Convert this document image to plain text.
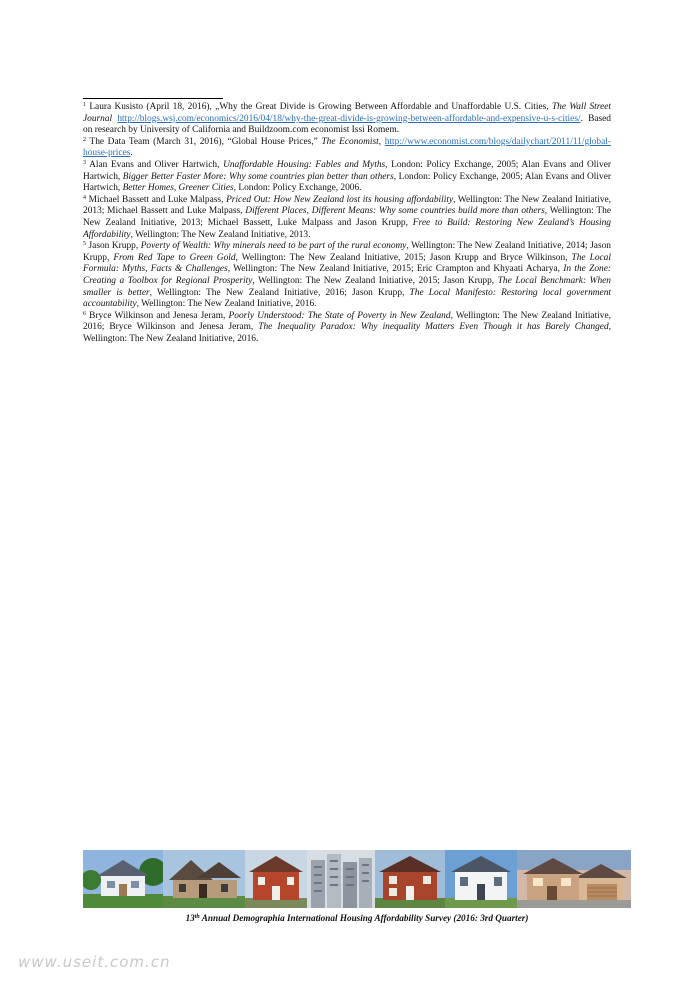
$^1$ Laura Kusisto (April 18, 2016), „Why the Great Divide is Growing Between Affordable and Unaffordable U.S. Cities, The Wall Street Journal http://blogs.wsj.com/economics/2016/04/18/why-the-great-divide-is-growing-between-affordable-and-expensive-u-s-cities/. Based on research by University of California and Buildzoom.com economist Issi Romem.

$^2$ The Data Team (March 31, 2016), “Global House Prices,” The Economist, http://www.economist.com/blogs/dailychart/2011/11/global-house-prices.

$^3$ Alan Evans and Oliver Hartwich, Unaffordable Housing: Fables and Myths, London: Policy Exchange, 2005; Alan Evans and Oliver Hartwich, Bigger Better Faster More: Why some countries plan better than others, London: Policy Exchange, 2005; Alan Evans and Oliver Hartwich, Better Homes, Greener Cities, London: Policy Exchange, 2006.

$^4$ Michael Bassett and Luke Malpass, Priced Out: How New Zealand lost its housing affordability, Wellington: The New Zealand Initiative, 2013; Michael Bassett and Luke Malpass, Different Places, Different Means: Why some countries build more than others, Wellington: The New Zealand Initiative, 2013; Michael Bassett, Luke Malpass and Jason Krupp, Free to Build: Restoring New Zealand’s Housing Affordability, Wellington: The New Zealand Initiative, 2013.

$^5$ Jason Krupp, Poverty of Wealth: Why minerals need to be part of the rural economy, Wellington: The New Zealand Initiative, 2014; Jason Krupp, From Red Tape to Green Gold, Wellington: The New Zealand Initiative, 2015; Jason Krupp and Bryce Wilkinson, The Local Formula: Myths, Facts & Challenges, Wellington: The New Zealand Initiative, 2015; Eric Crampton and Khyaati Acharya, In the Zone: Creating a Toolbox for Regional Prosperity, Wellington: The New Zealand Initiative, 2015; Jason Krupp, The Local Benchmark: When smaller is better, Wellington: The New Zealand Initiative, 2016; Jason Krupp, The Local Manifesto: Restoring local government accountability, Wellington: The New Zealand Initiative, 2016.

$^6$ Bryce Wilkinson and Jenesa Jeram, Poorly Understood: The State of Poverty in New Zealand, Wellington: The New Zealand Initiative, 2016; Bryce Wilkinson and Jenesa Jeram, The Inequality Paradox: Why inequality Matters Even Though it has Barely Changed, Wellington: The New Zealand Initiative, 2016.

13th Annual Demographia International Housing Affordability Survey (2016: 3rd Quarter)
www.useit.com.cn
